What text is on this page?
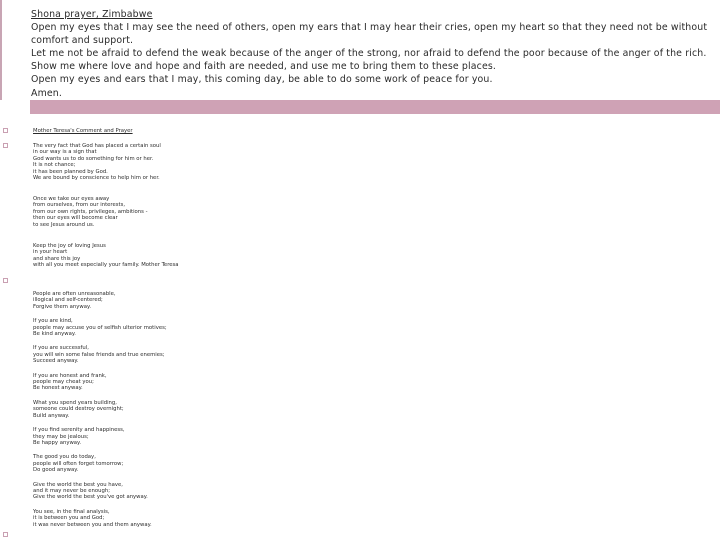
Shona prayer, Zimbabwe
Open my eyes that I may see the need of others, open my ears that I may hear their cries, open my heart so that they need not be without comfort and support.
Let me not be afraid to defend the weak because of the anger of the strong, nor afraid to defend the poor because of the anger of the rich.
Show me where love and hope and faith are needed, and use me to bring them to these places.
Open my eyes and ears that I may, this coming day, be able to do some work of peace for you.
Amen.
Mother Teresa's Comment and Prayer
The very fact that God has placed a certain soul
in our way is a sign that
God wants us to do something for him or her.
It is not chance;
it has been planned by God.
We are bound by conscience to help him or her.
Once we take our eyes away
from ourselves, from our interests,
from our own rights, privileges, ambitions -
then our eyes will become clear
to see Jesus around us.
Keep the joy of loving Jesus
in your heart
and share this joy
with all you meet especially your family. Mother Teresa
People are often unreasonable,
illogical and self-centered;
Forgive them anyway.
If you are kind,
people may accuse you of selfish ulterior motives;
Be kind anyway.
If you are successful,
you will win some false friends and true enemies;
Succeed anyway.
If you are honest and frank,
people may cheat you;
Be honest anyway.
What you spend years building,
someone could destroy overnight;
Build anyway.
If you find serenity and happiness,
they may be jealous;
Be happy anyway.
The good you do today,
people will often forget tomorrow;
Do good anyway.
Give the world the best you have,
and it may never be enough;
Give the world the best you've got anyway.
You see, in the final analysis,
it is between you and God;
it was never between you and them anyway.
